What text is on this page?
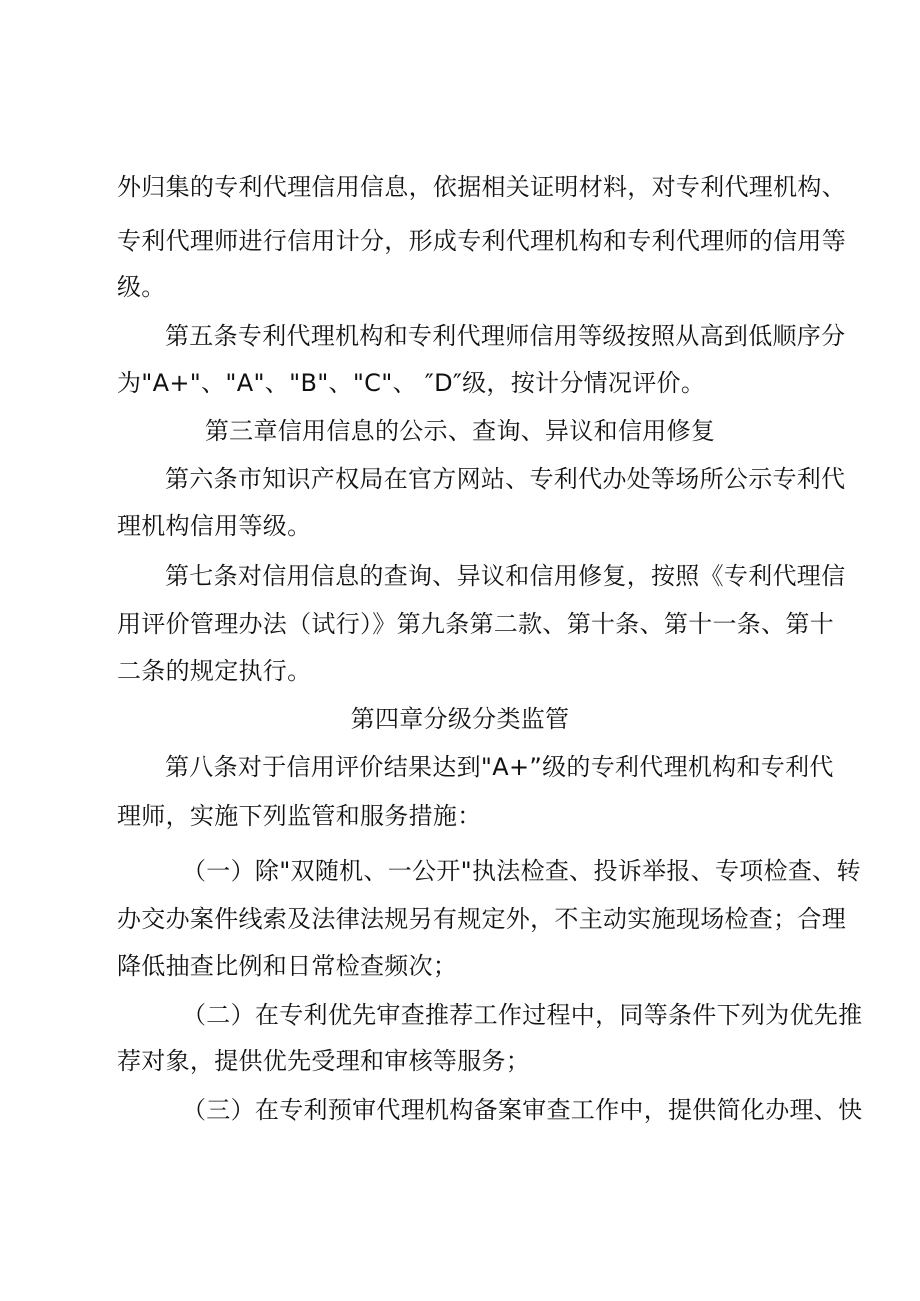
外归集的专利代理信用信息，依据相关证明材料，对专利代理机构、
专利代理师进行信用计分，形成专利代理机构和专利代理师的信用等
级。
第五条专利代理机构和专利代理师信用等级按照从高到低顺序分
为"A+"、"A"、"B"、"C"、 ″D″级，按计分情况评价。
第三章信用信息的公示、查询、异议和信用修复
第六条市知识产权局在官方网站、专利代办处等场所公示专利代
理机构信用等级。
第七条对信用信息的查询、异议和信用修复，按照《专利代理信
用评价管理办法（试行）》第九条第二款、第十条、第十一条、第十
二条的规定执行。
第四章分级分类监管
第八条对于信用评价结果达到"A+”级的专利代理机构和专利代
理师，实施下列监管和服务措施：
（一）除"双随机、一公开"执法检查、投诉举报、专项检查、转
办交办案件线索及法律法规另有规定外，不主动实施现场检查；合理
降低抽查比例和日常检查频次；
（二）在专利优先审查推荐工作过程中，同等条件下列为优先推
荐对象，提供优先受理和审核等服务；
（三）在专利预审代理机构备案审查工作中，提供简化办理、快
